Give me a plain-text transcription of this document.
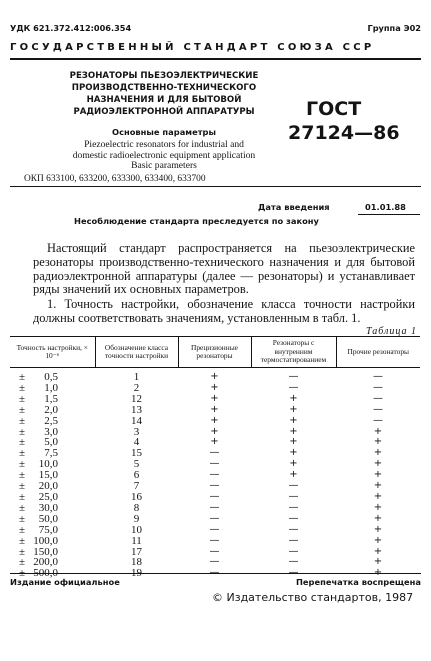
УДК 621.372.412:006.354	Группа Э02
ГОСУДАРСТВЕННЫЙ СТАНДАРТ СОЮЗА ССР
РЕЗОНАТОРЫ ПЬЕЗОЭЛЕКТРИЧЕСКИЕ
ПРОИЗВОДСТВЕННО-ТЕХНИЧЕСКОГО
НАЗНАЧЕНИЯ И ДЛЯ БЫТОВОЙ
РАДИОЭЛЕКТРОННОЙ АППАРАТУРЫ
Основные параметры
Piezoelectric resonators for industrial and
domestic radioelectronic equipment application
Basic parameters
ОКП 633100, 633200, 633300, 633400, 633700
ГОСТ
27124—86
Дата введения	01.01.88
Несоблюдение стандарта преследуется по закону
Настоящий стандарт распространяется на пьезоэлектрические резонаторы производственно-технического назначения и для бытовой радиоэлектронной аппаратуры (далее — резонаторы) и устанавливает ряды значений их основных параметров.
1. Точность настройки, обозначение класса точности настройки должны соответствовать значениям, установленным в табл. 1.
Таблица 1
Точность настройки, × 10⁻⁶	Обозначение класса точности настройки	Прецизионные резонаторы	Резонаторы с внутренним термостатированием	Прочие резонаторы
± 0,5	1	+	—	—
± 1,0	2	+	—	—
± 1,5	12	+	+	—
± 2,0	13	+	+	—
± 2,5	14	+	+	—
± 3,0	3	+	+	+
± 5,0	4	+	+	+
± 7,5	15	—	+	+
± 10,0	5	—	+	+
± 15,0	6	—	+	+
± 20,0	7	—	—	+
± 25,0	16	—	—	+
± 30,0	8	—	—	+
± 50,0	9	—	—	+
± 75,0	10	—	—	+
± 100,0	11	—	—	+
± 150,0	17	—	—	+
± 200,0	18	—	—	+
± 500,0	19	—	—	+
Издание официальное	Перепечатка воспрещена
© Издательство стандартов, 1987
